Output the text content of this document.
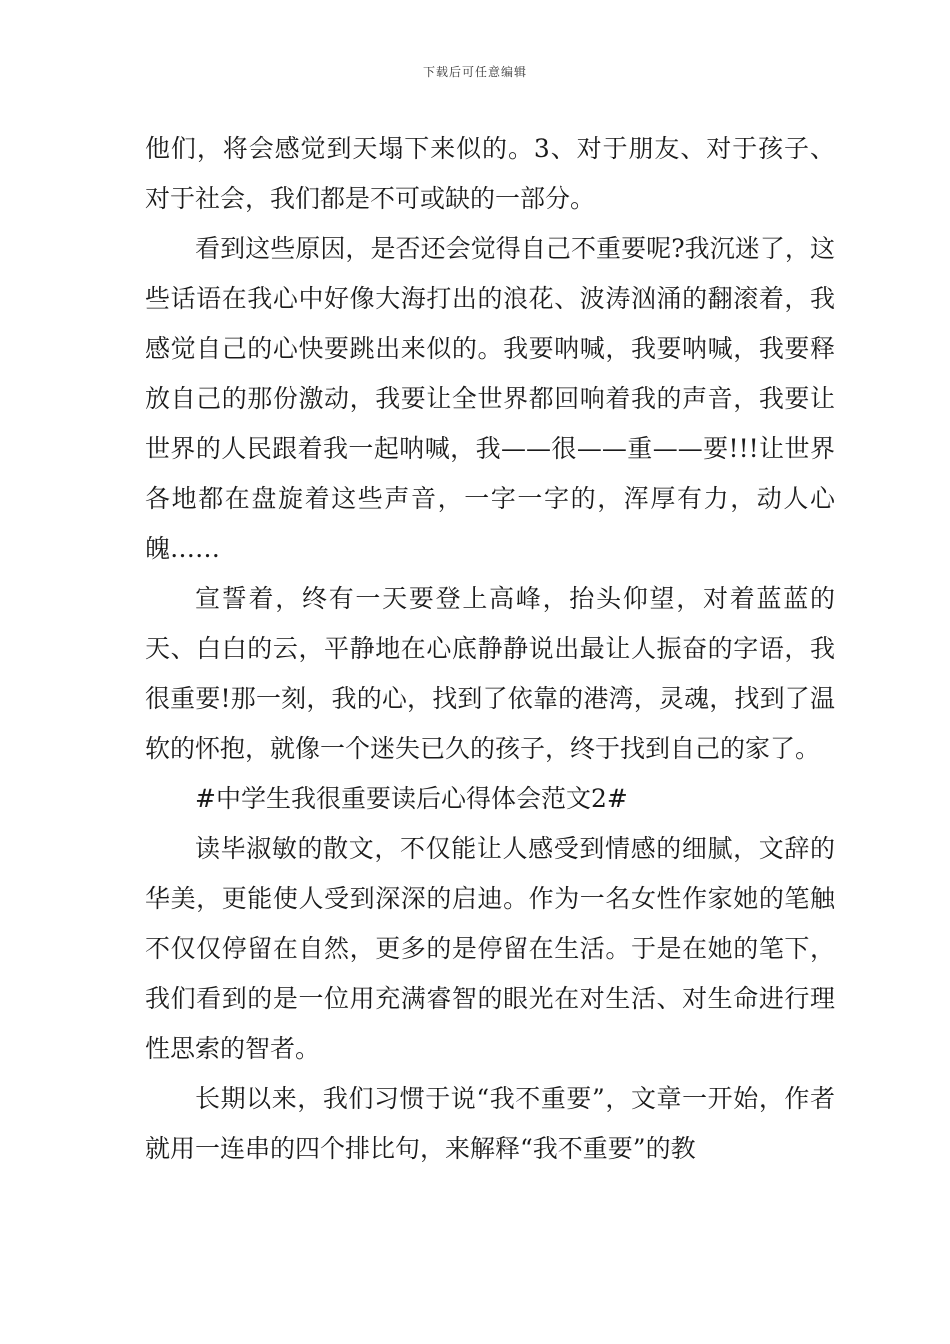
下载后可任意编辑

他们，将会感觉到天塌下来似的。3、对于朋友、对于孩子、对于社会，我们都是不可或缺的一部分。

看到这些原因，是否还会觉得自己不重要呢?我沉迷了，这些话语在我心中好像大海打出的浪花、波涛汹涌的翻滚着，我感觉自己的心快要跳出来似的。我要呐喊，我要呐喊，我要释放自己的那份激动，我要让全世界都回响着我的声音，我要让世界的人民跟着我一起呐喊，我——很——重——要!!!让世界各地都在盘旋着这些声音，一字一字的，浑厚有力，动人心魄……

宣誓着，终有一天要登上高峰，抬头仰望，对着蓝蓝的天、白白的云，平静地在心底静静说出最让人振奋的字语，我很重要!那一刻，我的心，找到了依靠的港湾，灵魂，找到了温软的怀抱，就像一个迷失已久的孩子，终于找到自己的家了。

#中学生我很重要读后心得体会范文2#

读毕淑敏的散文，不仅能让人感受到情感的细腻，文辞的华美，更能使人受到深深的启迪。作为一名女性作家她的笔触不仅仅停留在自然，更多的是停留在生活。于是在她的笔下，我们看到的是一位用充满睿智的眼光在对生活、对生命进行理性思索的智者。

长期以来，我们习惯于说“我不重要”，文章一开始，作者就用一连串的四个排比句，来解释“我不重要”的教
